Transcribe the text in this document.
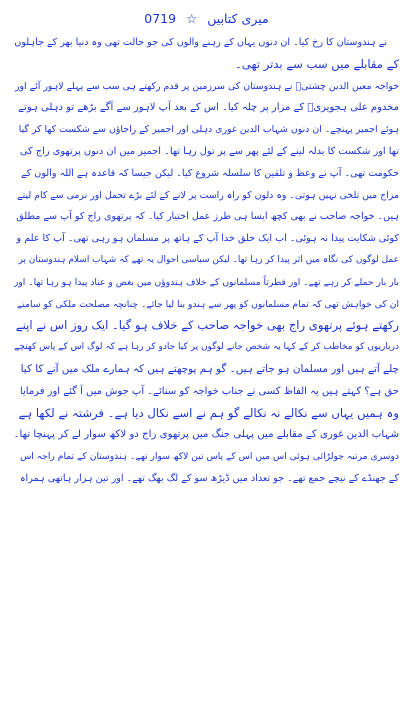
میری کتابیں ☆ 0719
نے ہندوستان کا رخ کیا۔ ان دنوں یہاں کے رہنے والوں کی جو حالت تھی وہ دنیا بھر کے جاہلوں
کے مقابلے میں سب سے بدتر تھی۔
خواجہ معین الدین چشتیؒ نے ہندوستان کی سرزمین پر قدم رکھتے ہی سب سے پہلے لاہور آئے اور
مخدوم علی ہجویریؒ کے مزار پر چلہ کیا۔ اس کے بعد آپ لاہور سے آگے بڑھے تو دہلی ہوتے
ہوئے اجمیر پہنچے۔ ان دنوں شہاب الدین غوری دہلی اور اجمیر کے راجاؤں سے شکست کھا کر گیا
تھا اور شکست کا بدلہ لینے کے لئے پھر سے پر تول رہا تھا۔ اجمیر میں ان دنوں پرتھوی راج کی
حکومت تھی۔ آپ نے وعظ و تلقین کا سلسلہ شروع کیا۔ لیکن جیسا کہ قاعدہ ہے اللہ والوں کے
مزاج میں تلخی نہیں ہوتی۔ وہ دلوں کو راہ راست پر لانے کے لئے بڑے تحمل اور نرمی سے کام لیتے
ہیں۔ خواجہ صاحب نے بھی کچھ ایسا ہی طرز عمل اختیار کیا۔ کہ پرتھوی راج کو آپ سے مطلق
کوئی شکایت پیدا نہ ہوئی۔ اب ایک خلق خدا آپ کے ہاتھ پر مسلمان ہو رہی تھی۔ آپ کا علم و
عمل لوگوں کی نگاہ میں اثر پیدا کر رہا تھا۔ لیکن سیاسی احوال یہ تھے کہ شہاب اسلام ہندوستان پر
بار بار حملے کر رہے تھے۔ اور فطرتاً مسلمانوں کے خلاف ہندوؤں میں بغض و عناد پیدا ہو رہا تھا۔ اور
ان کی خواہش تھی کہ تمام مسلمانوں کو پھر سے ہندو بنا لیا جائے۔ چنانچہ مصلحت ملکی کو سامنے
رکھتے ہوئے پرتھوی راج بھی خواجہ صاحب کے خلاف ہو گیا۔ ایک روز اس نے اپنے
درباریوں کو مخاطب کر کے کہا یہ شخص جانے لوگوں پر کیا جادو کر رہا ہے کہ لوگ اس کے پاس کھنچے
چلے آتے ہیں اور مسلمان ہو جاتے ہیں۔ گو ہم پوچھتے ہیں کہ ہمارے ملک میں آنے کا کیا
حق ہے؟ کہتے ہیں یہ الفاظ کسی نے جناب خواجہ کو سنائے۔ آپ جوش میں آ گئے اور فرمایا
وہ ہمیں یہاں سے نکالے نہ نکالے گو ہم نے اسے نکال دیا ہے۔ فرشتہ نے لکھا ہے
شہاب الدین غوری کے مقابلے میں پہلی جنگ میں پرتھوی راج دو لاکھ سوار لے کر پہنچا تھا۔
دوسری مرتبہ جولڑائی ہوئی اس میں اس کے پاس تین لاکھ سوار تھے۔ ہندوستان کے تمام راجہ اس
کے جھنڈے کے نیچے جمع تھے۔ جو تعداد میں ڈیڑھ سو کے لگ بھگ تھے۔ اور تین ہزار ہاتھی ہمراہ
